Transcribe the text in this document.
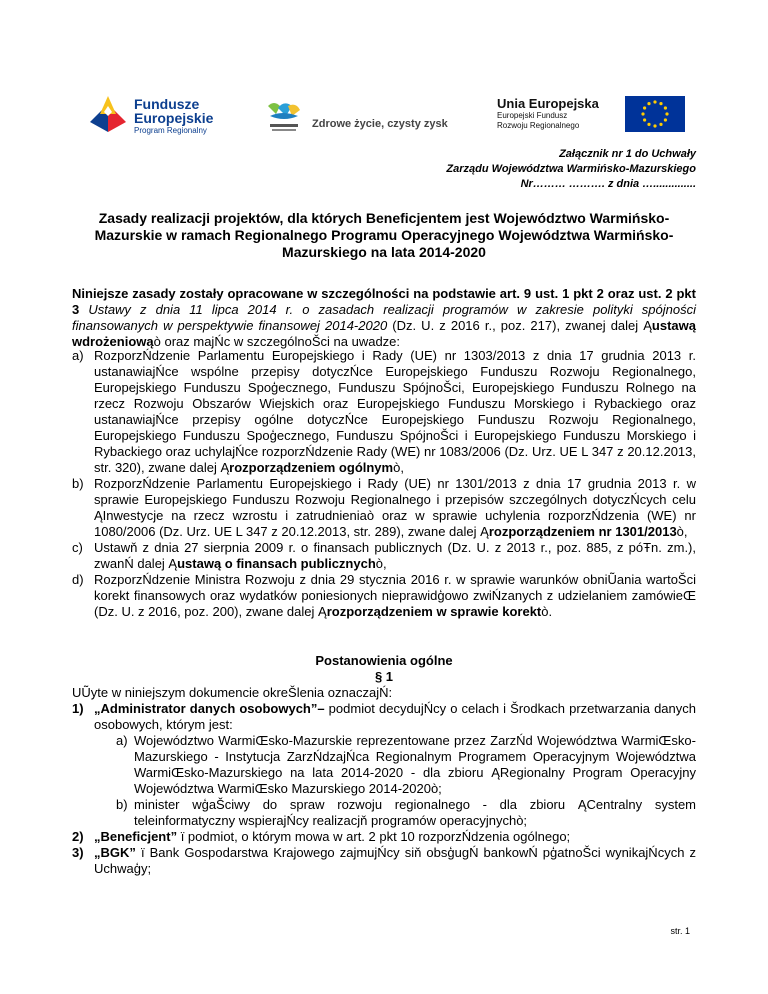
Fundusze
Europejskie
Program Regionalny
Zdrowe życie, czysty zysk
Unia Europejska
Europejski Fundusz
Rozwoju Regionalnego
Załącznik nr 1 do Uchwały
Zarządu Województwa Warmińsko-Mazurskiego
Nr……… ………. z dnia …..............
Zasady realizacji projektów, dla których Beneficjentem jest Województwo Warmińsko-Mazurskie w ramach Regionalnego Programu Operacyjnego Województwa Warmińsko-Mazurskiego na lata 2014-2020
Niniejsze zasady zostały opracowane w szczególności na podstawie art. 9 ust. 1 pkt 2 oraz ust. 2 pkt 3 Ustawy z dnia 11 lipca 2014 r. o zasadach realizacji programów w zakresie polityki spójności finansowanych w perspektywie finansowej 2014-2020 (Dz. U. z 2016 r., poz. 217), zwanej dalej Ąustawą wdrożeniowąò oraz majŃc w szczególnoŠci na uwadze:
a) RozporzŃdzenie Parlamentu Europejskiego i Rady (UE) nr 1303/2013 z dnia 17 grudnia 2013 r. ustanawiajŃce wspólne przepisy dotyczŃce Europejskiego Funduszu Rozwoju Regionalnego, Europejskiego Funduszu Spoģecznego, Funduszu SpójnoŠci, Europejskiego Funduszu Rolnego na rzecz Rozwoju Obszarów Wiejskich oraz Europejskiego Funduszu Morskiego i Rybackiego oraz ustanawiajŃce przepisy ogólne dotyczŃce Europejskiego Funduszu Rozwoju Regionalnego, Europejskiego Funduszu Spoģecznego, Funduszu SpójnoŠci i Europejskiego Funduszu Morskiego i Rybackiego oraz uchylajŃce rozporzŃdzenie Rady (WE) nr 1083/2006 (Dz. Urz. UE L 347 z 20.12.2013, str. 320), zwane dalej Ąrozporządzeniem ogólnymò,
b) RozporzŃdzenie Parlamentu Europejskiego i Rady (UE) nr 1301/2013 z dnia 17 grudnia 2013 r. w sprawie Europejskiego Funduszu Rozwoju Regionalnego i przepisów szczególnych dotyczŃcych celu ĄInwestycje na rzecz wzrostu i zatrudnieniaò oraz w sprawie uchylenia rozporzŃdzenia (WE) nr 1080/2006 (Dz. Urz. UE L 347 z 20.12.2013, str. 289), zwane dalej Ąrozporządzeniem nr 1301/2013ò,
c) Ustawň z dnia 27 sierpnia 2009 r. o finansach publicznych (Dz. U. z 2013 r., poz. 885, z póŦn. zm.), zwanŃ dalej Ąustawą o finansach publicznychò,
d) RozporzŃdzenie Ministra Rozwoju z dnia 29 stycznia 2016 r. w sprawie warunków obniŨania wartoŠci korekt finansowych oraz wydatków poniesionych nieprawidģowo zwiŃzanych z udzielaniem zamówieŒ (Dz. U. z 2016, poz. 200), zwane dalej Ąrozporządzeniem w sprawie korektò.
Postanowienia ogólne
§ 1
UŨyte w niniejszym dokumencie okreŠlenia oznaczajŃ:
1) „Administrator danych osobowych”– podmiot decydujŃcy o celach i Šrodkach przetwarzania danych osobowych, którym jest:
a) Województwo WarmiŒsko-Mazurskie reprezentowane przez ZarzŃd Województwa WarmiŒsko-Mazurskiego - Instytucja ZarzŃdzajŃca Regionalnym Programem Operacyjnym Województwa WarmiŒsko-Mazurskiego na lata 2014-2020 - dla zbioru ĄRegionalny Program Operacyjny Województwa WarmiŒsko Mazurskiego 2014-2020ò;
b) minister wģaŠciwy do spraw rozwoju regionalnego - dla zbioru ĄCentralny system teleinformatyczny wspierajŃcy realizacjň programów operacyjnychò;
2) „Beneficjent” ï podmiot, o którym mowa w art. 2 pkt 10 rozporzŃdzenia ogólnego;
3) „BGK” ï Bank Gospodarstwa Krajowego zajmujŃcy siň obsģugŃ bankowŃ pģatnoŠci wynikajŃcych z Uchwaģy;
str. 1
